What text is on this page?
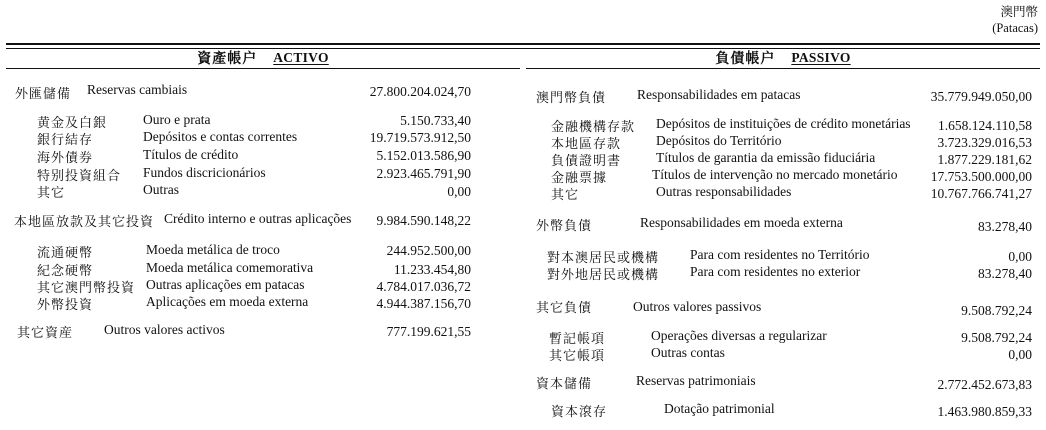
澳門幣
(Patacas)
資產帳户 ACTIVO	負債帳户 PASSIVO
外匯儲備 Reservas cambiais	27.800.204.024,70
黄金及白銀	Ouro e prata	5.150.733,40
銀行結存	Depósitos e contas correntes	19.719.573.912,50
海外債券	Títulos de crédito	5.152.013.586,90
特别投資組合 Fundos discricionários	2.923.465.791,90
其它	Outras	0,00
本地區放款及其它投資 Crédito interno e outras aplicações 9.984.590.148,22
流通硬幣	Moeda metálica de troco	244.952.500,00
紀念硬幣	Moeda metálica comemorativa	11.233.454,80
其它澳門幣投資 Outras aplicações em patacas	4.784.017.036,72
外幣投資	Aplicações em moeda externa	4.944.387.156,70
其它資産 Outros valores activos	777.199.621,55
澳門幣負債 Responsabilidades em patacas	35.779.949.050,00
金融機構存款 Depósitos de instituições de crédito monetárias 1.658.124.110,58
本地區存款	Depósitos do Território	3.723.329.016,53
負債證明書	Títulos de garantia da emissão fiduciária	1.877.229.181,62
金融票據	Títulos de intervenção no mercado monetário 17.753.500.000,00
其它	Outras responsabilidades	10.767.766.741,27
外幣負債	Responsabilidades em moeda externa	83.278,40
對本澳居民或機構 Para com residentes no Território	0,00
對外地居民或機構 Para com residentes no exterior	83.278,40
其它負債	Outros valores passivos	9.508.792,24
暫記帳項	Operações diversas a regularizar	9.508.792,24
其它帳項	Outras contas	0,00
資本儲備	Reservas patrimoniais	2.772.452.673,83
資本滾存	Dotação patrimonial	1.463.980.859,33
